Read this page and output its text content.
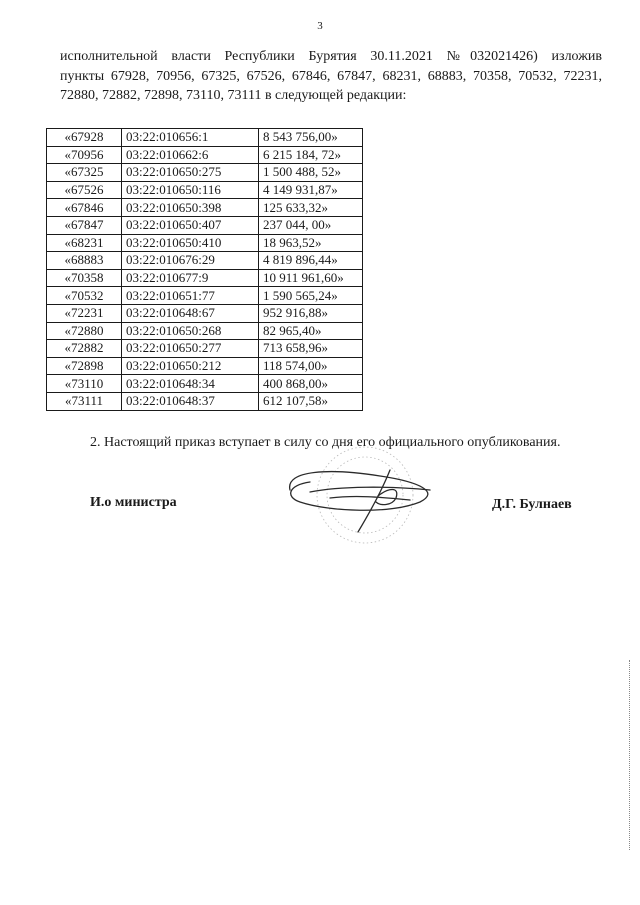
3
исполнительной власти Республики Бурятия 30.11.2021 №032021426) изложив
пункты 67928, 70956, 67325, 67526, 67846, 67847, 68231, 68883, 70358, 70532, 72231,
72880, 72882, 72898, 73110, 73111 в следующей редакции:
«67928	03:22:010656:1	8 543 756,00»
«70956	03:22:010662:6	6 215 184, 72»
«67325	03:22:010650:275	1 500 488, 52»
«67526	03:22:010650:116	4 149 931,87»
«67846	03:22:010650:398	125 633,32»
«67847	03:22:010650:407	237 044, 00»
«68231	03:22:010650:410	18 963,52»
«68883	03:22:010676:29	4 819 896,44»
«70358	03:22:010677:9	10 911 961,60»
«70532	03:22:010651:77	1 590 565,24»
«72231	03:22:010648:67	952 916,88»
«72880	03:22:010650:268	82 965,40»
«72882	03:22:010650:277	713 658,96»
«72898	03:22:010650:212	118 574,00»
«73110	03:22:010648:34	400 868,00»
«73111	03:22:010648:37	612 107,58»
2. Настоящий приказ вступает в силу со дня его официального опубликования.
И.о министра	Д.Г. Булнаев
